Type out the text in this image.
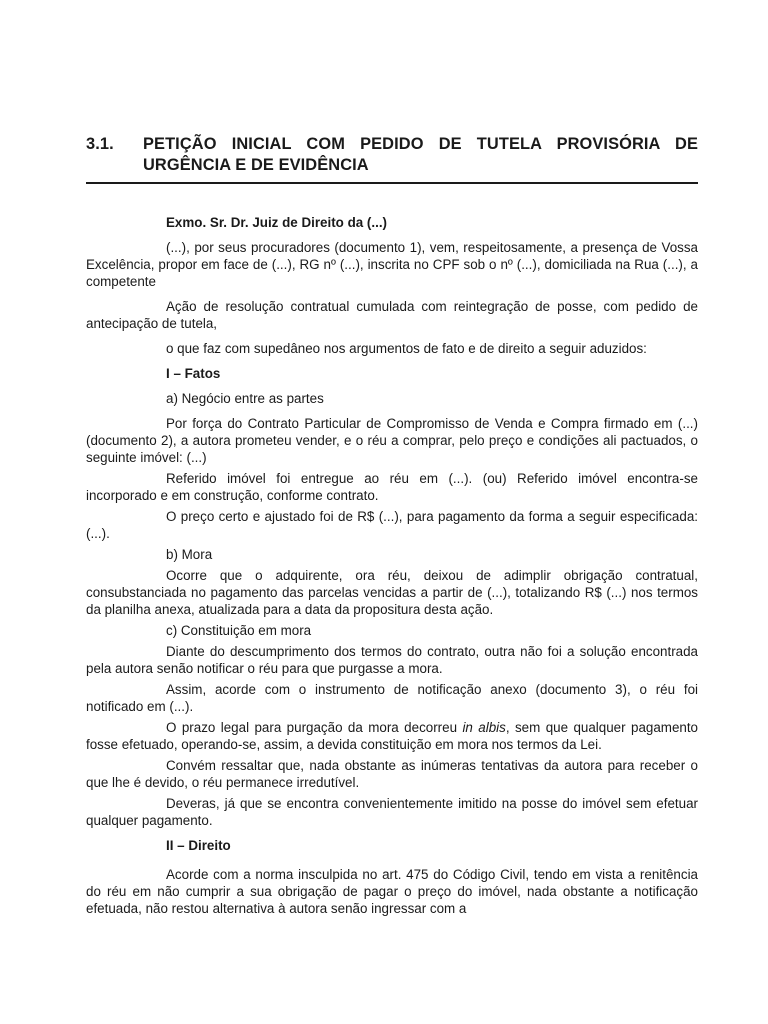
3.1.	PETIÇÃO INICIAL COM PEDIDO DE TUTELA PROVISÓRIA DE URGÊNCIA E DE EVIDÊNCIA

Exmo. Sr. Dr. Juiz de Direito da (...)

(...), por seus procuradores (documento 1), vem, respeitosamente, a presença de Vossa Excelência, propor em face de (...), RG nº (...), inscrita no CPF sob o nº (...), domiciliada na Rua (...), a competente

Ação de resolução contratual cumulada com reintegração de posse, com pedido de antecipação de tutela,

o que faz com supedâneo nos argumentos de fato e de direito a seguir aduzidos:

I – Fatos

a) Negócio entre as partes

Por força do Contrato Particular de Compromisso de Venda e Compra firmado em (...) (documento 2), a autora prometeu vender, e o réu a comprar, pelo preço e condições ali pactuados, o seguinte imóvel: (...)

Referido imóvel foi entregue ao réu em (...). (ou) Referido imóvel encontra-se incorporado e em construção, conforme contrato.

O preço certo e ajustado foi de R$ (...), para pagamento da forma a seguir especificada: (...).

b) Mora

Ocorre que o adquirente, ora réu, deixou de adimplir obrigação contratual, consubstanciada no pagamento das parcelas vencidas a partir de (...), totalizando R$ (...) nos termos da planilha anexa, atualizada para a data da propositura desta ação.

c) Constituição em mora

Diante do descumprimento dos termos do contrato, outra não foi a solução encontrada pela autora senão notificar o réu para que purgasse a mora.

Assim, acorde com o instrumento de notificação anexo (documento 3), o réu foi notificado em (...).

O prazo legal para purgação da mora decorreu in albis, sem que qualquer pagamento fosse efetuado, operando-se, assim, a devida constituição em mora nos termos da Lei.

Convém ressaltar que, nada obstante as inúmeras tentativas da autora para receber o que lhe é devido, o réu permanece irredutível.

Deveras, já que se encontra convenientemente imitido na posse do imóvel sem efetuar qualquer pagamento.

II – Direito

Acorde com a norma insculpida no art. 475 do Código Civil, tendo em vista a renitência do réu em não cumprir a sua obrigação de pagar o preço do imóvel, nada obstante a notificação efetuada, não restou alternativa à autora senão ingressar com a
